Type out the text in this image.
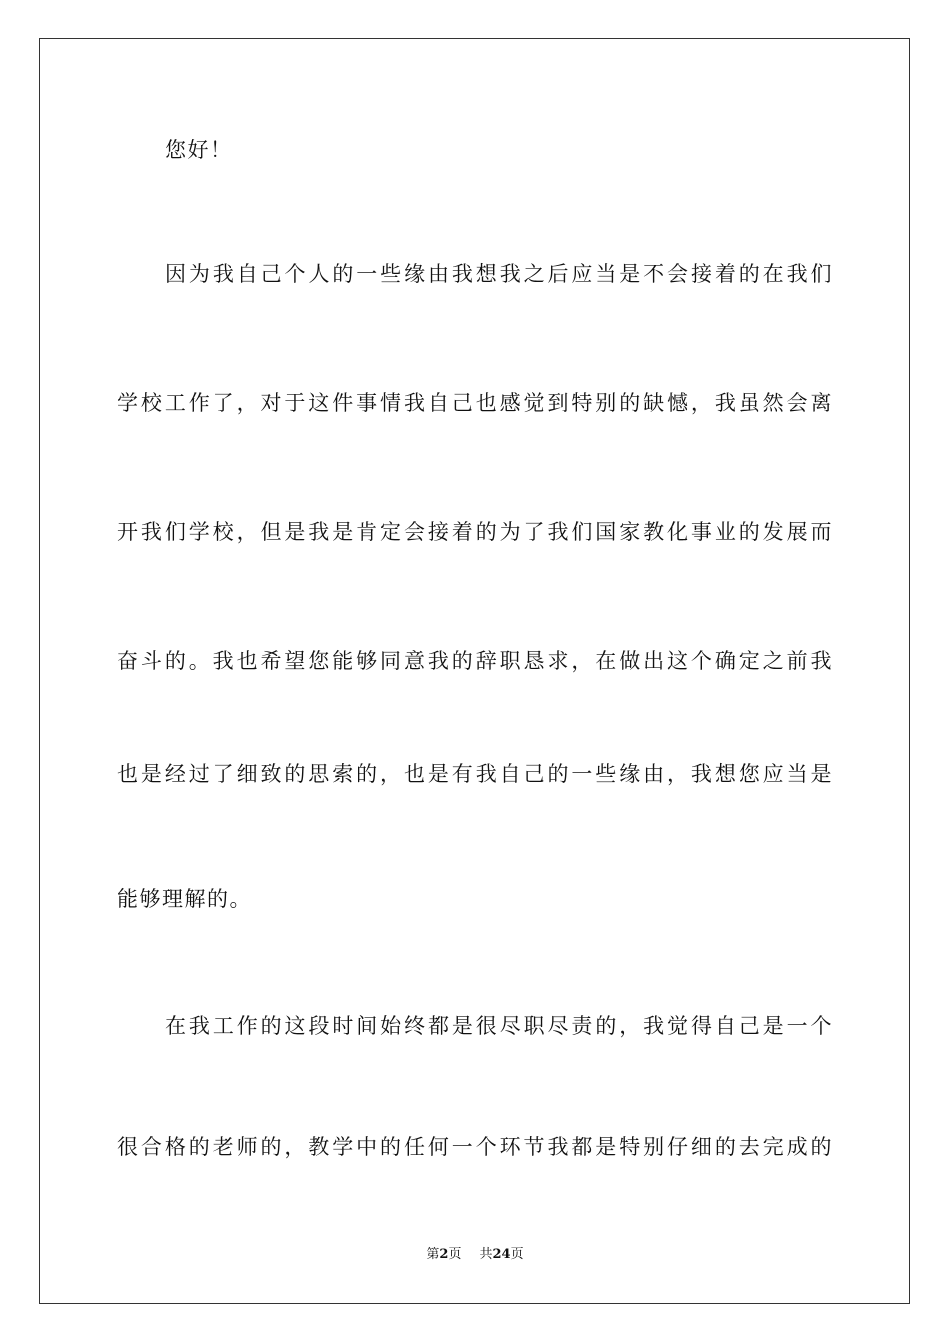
您好！
因为我自己个人的一些缘由我想我之后应当是不会接着的在我们
学校工作了，对于这件事情我自己也感觉到特别的缺憾，我虽然会离
开我们学校，但是我是肯定会接着的为了我们国家教化事业的发展而
奋斗的。我也希望您能够同意我的辞职恳求，在做出这个确定之前我
也是经过了细致的思索的，也是有我自己的一些缘由，我想您应当是
能够理解的。
在我工作的这段时间始终都是很尽职尽责的，我觉得自己是一个
很合格的老师的，教学中的任何一个环节我都是特别仔细的去完成的
第2页 共24页
